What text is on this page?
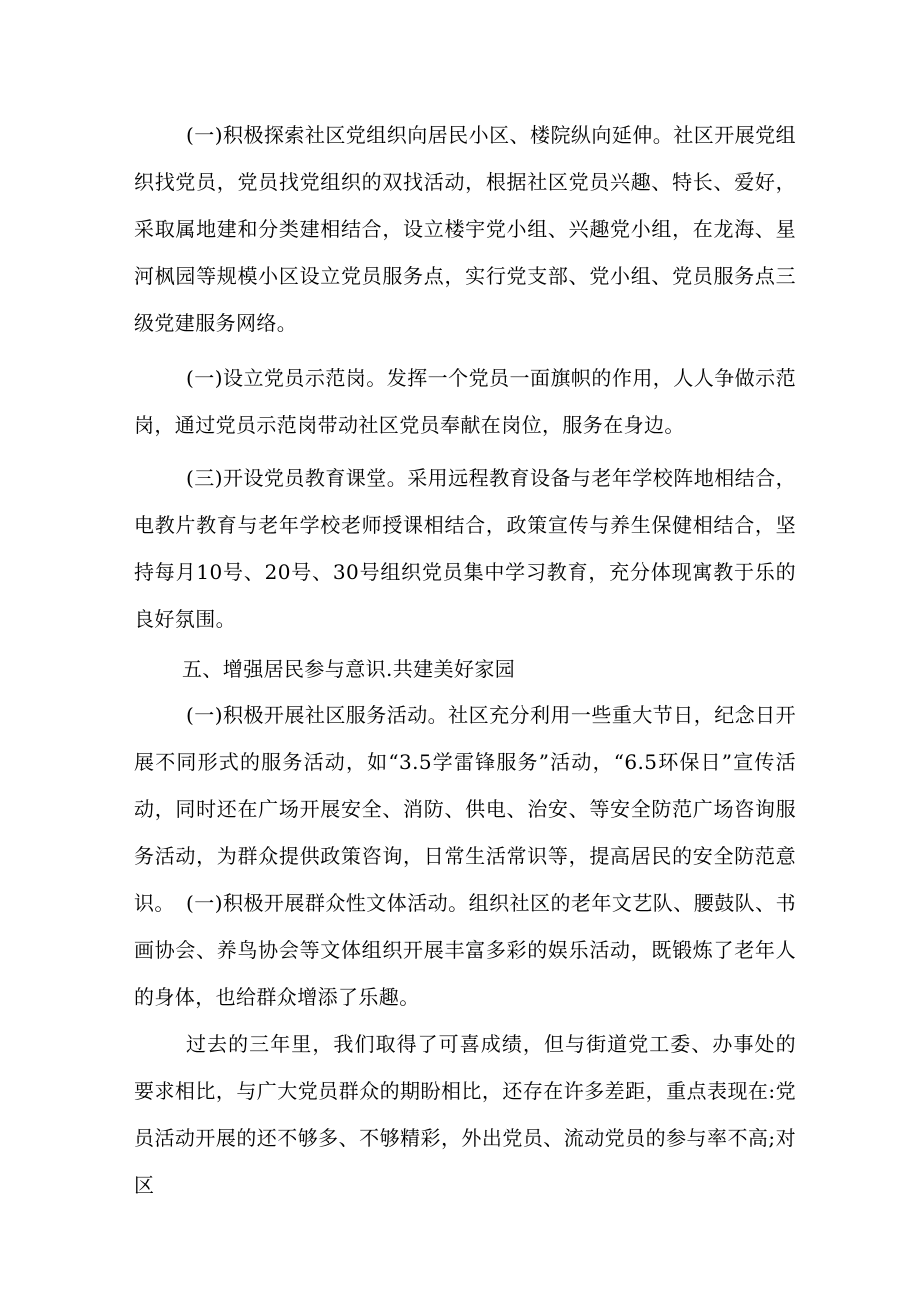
(一)积极探索社区党组织向居民小区、楼院纵向延伸。社区开展党组织找党员，党员找党组织的双找活动，根据社区党员兴趣、特长、爱好，采取属地建和分类建相结合，设立楼宇党小组、兴趣党小组，在龙海、星河枫园等规模小区设立党员服务点，实行党支部、党小组、党员服务点三级党建服务网络。

(一)设立党员示范岗。发挥一个党员一面旗帜的作用，人人争做示范岗，通过党员示范岗带动社区党员奉献在岗位，服务在身边。

(三)开设党员教育课堂。采用远程教育设备与老年学校阵地相结合，电教片教育与老年学校老师授课相结合，政策宣传与养生保健相结合，坚持每月10号、20号、30号组织党员集中学习教育，充分体现寓教于乐的良好氛围。

五、增强居民参与意识.共建美好家园

(一)积极开展社区服务活动。社区充分利用一些重大节日，纪念日开展不同形式的服务活动，如“3.5学雷锋服务”活动，“6.5环保日”宣传活动，同时还在广场开展安全、消防、供电、治安、等安全防范广场咨询服务活动，为群众提供政策咨询，日常生活常识等，提高居民的安全防范意识。 (一)积极开展群众性文体活动。组织社区的老年文艺队、腰鼓队、书画协会、养鸟协会等文体组织开展丰富多彩的娱乐活动，既锻炼了老年人的身体，也给群众增添了乐趣。

过去的三年里，我们取得了可喜成绩，但与街道党工委、办事处的要求相比，与广大党员群众的期盼相比，还存在许多差距，重点表现在:党员活动开展的还不够多、不够精彩，外出党员、流动党员的参与率不高;对区
